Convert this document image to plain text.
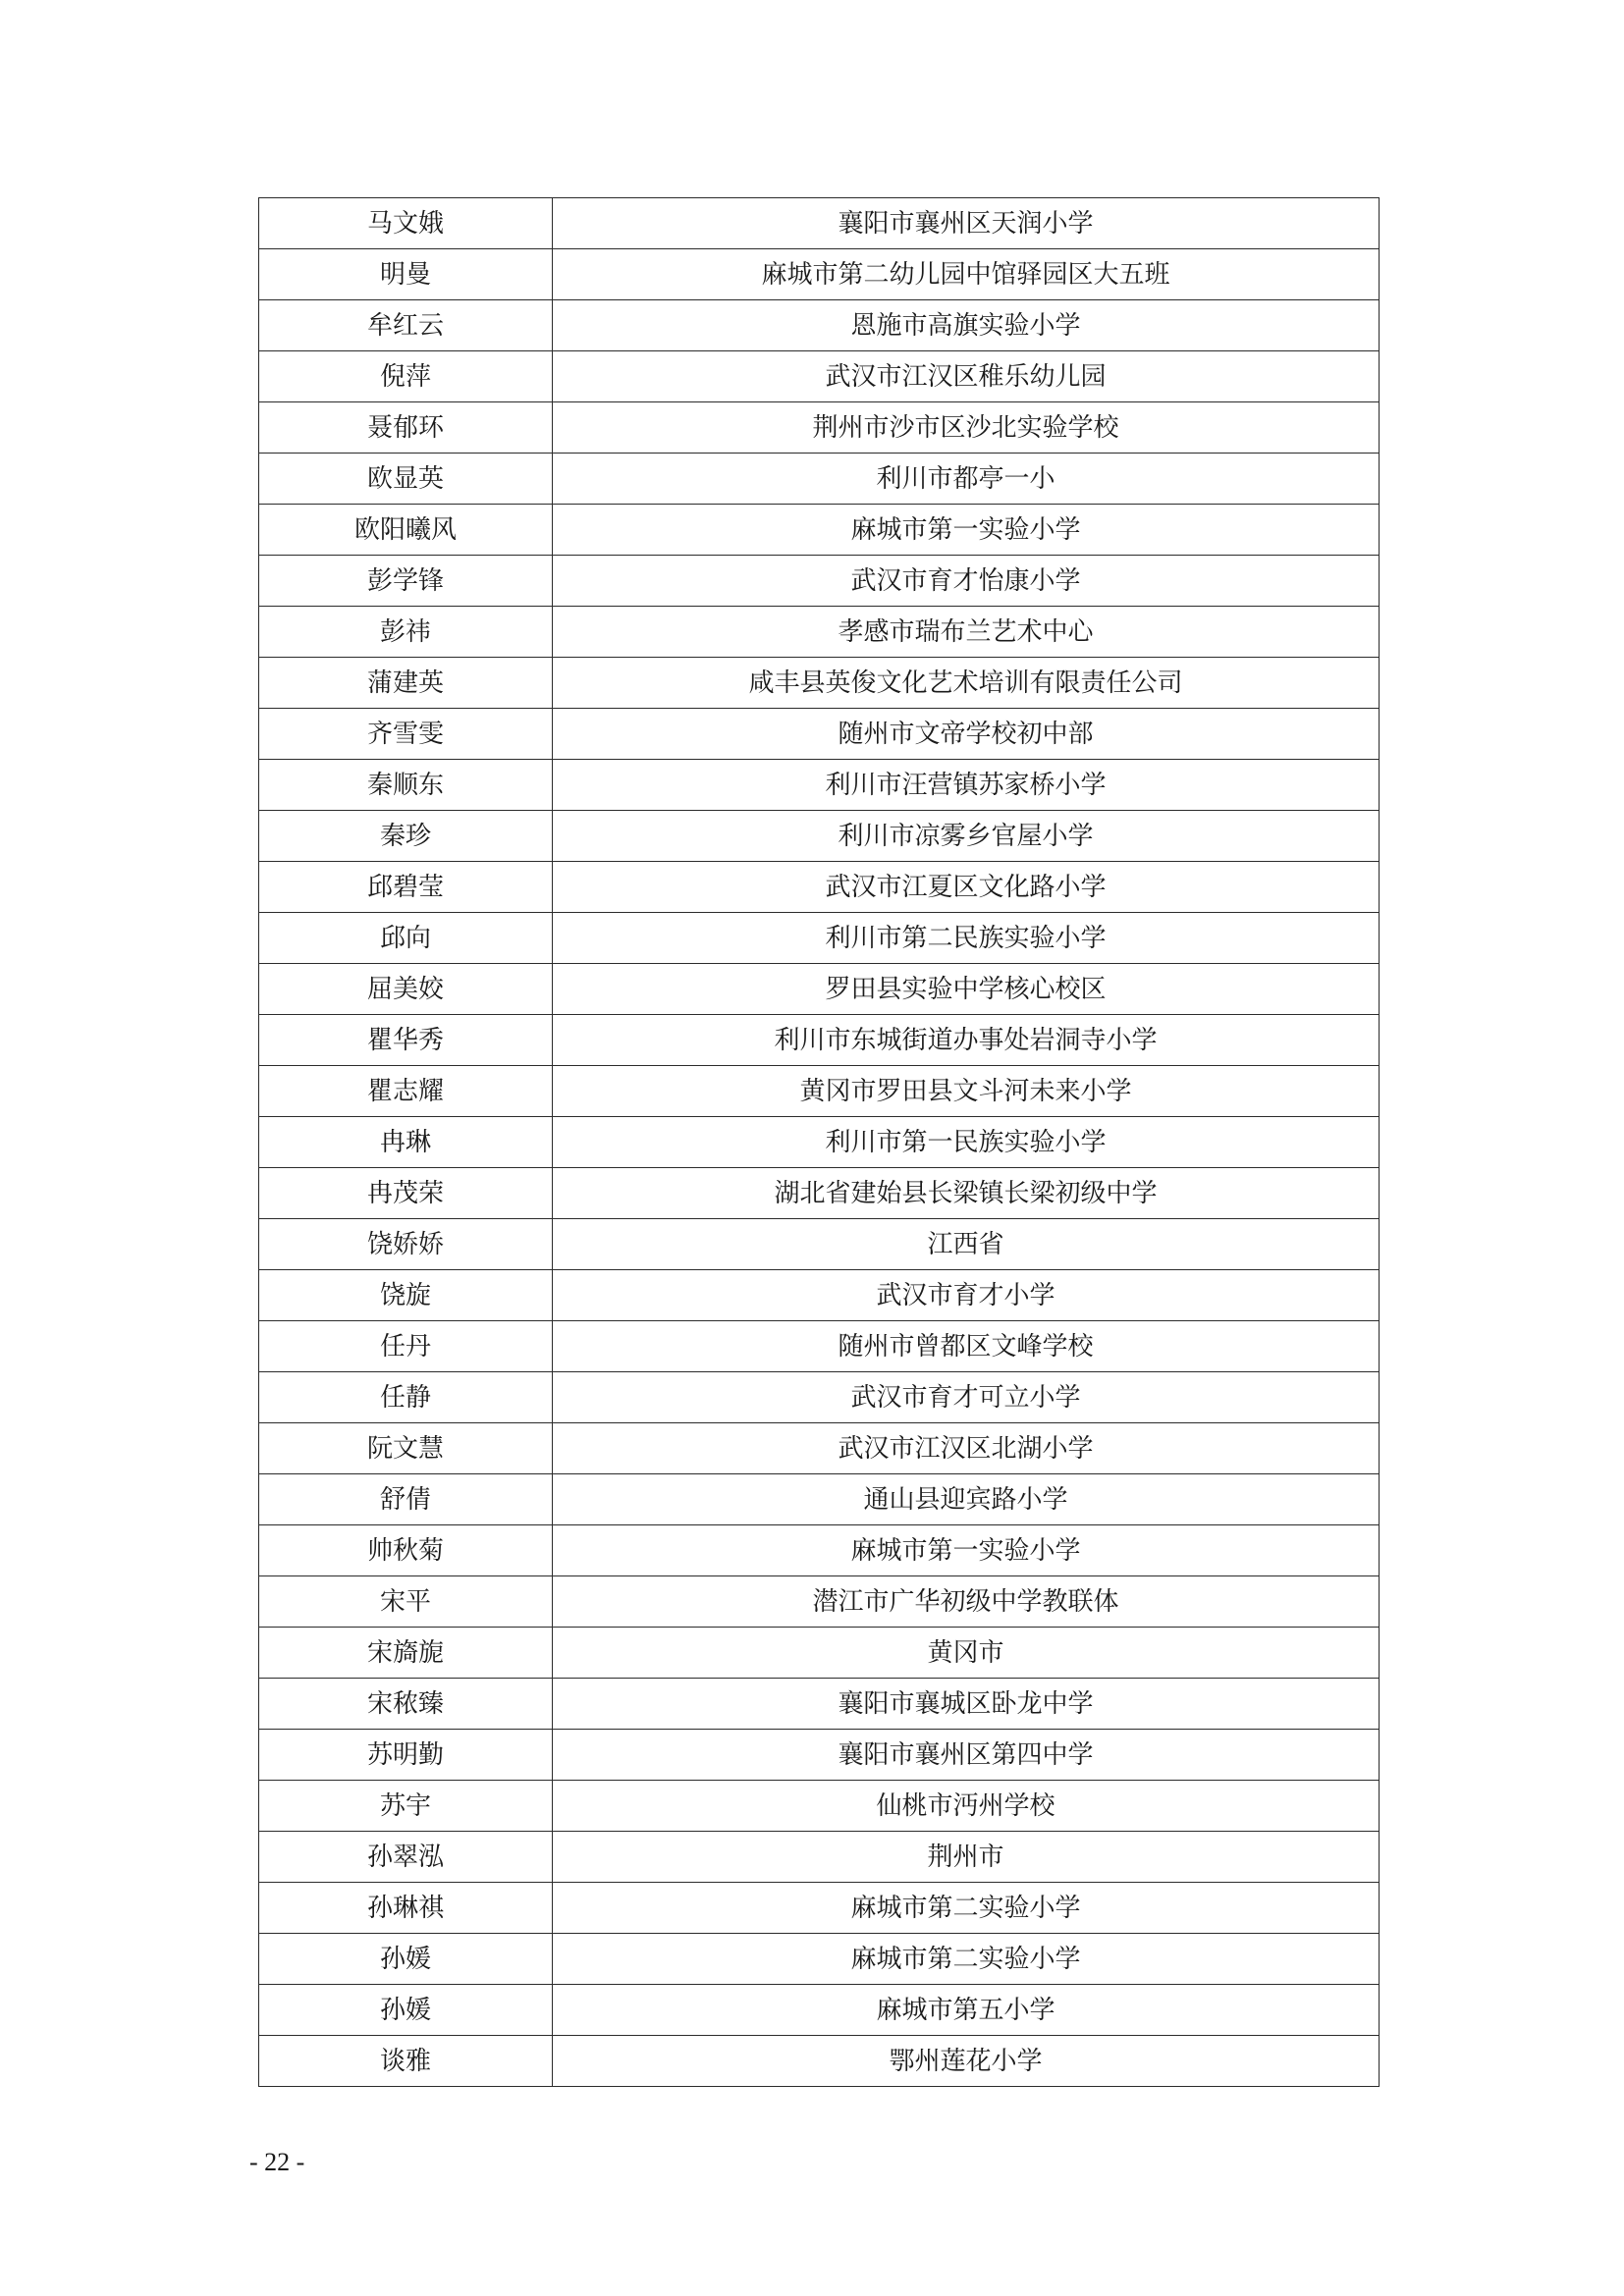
马文娥	襄阳市襄州区天润小学
明曼	麻城市第二幼儿园中馆驿园区大五班
牟红云	恩施市高旗实验小学
倪萍	武汉市江汉区稚乐幼儿园
聂郁环	荆州市沙市区沙北实验学校
欧显英	利川市都亭一小
欧阳曦风	麻城市第一实验小学
彭学锋	武汉市育才怡康小学
彭祎	孝感市瑞布兰艺术中心
蒲建英	咸丰县英俊文化艺术培训有限责任公司
齐雪雯	随州市文帝学校初中部
秦顺东	利川市汪营镇苏家桥小学
秦珍	利川市凉雾乡官屋小学
邱碧莹	武汉市江夏区文化路小学
邱向	利川市第二民族实验小学
屈美姣	罗田县实验中学核心校区
瞿华秀	利川市东城街道办事处岩洞寺小学
瞿志耀	黄冈市罗田县文斗河未来小学
冉琳	利川市第一民族实验小学
冉茂荣	湖北省建始县长梁镇长梁初级中学
饶娇娇	江西省
饶旋	武汉市育才小学
任丹	随州市曾都区文峰学校
任静	武汉市育才可立小学
阮文慧	武汉市江汉区北湖小学
舒倩	通山县迎宾路小学
帅秋菊	麻城市第一实验小学
宋平	潜江市广华初级中学教联体
宋旖旎	黄冈市
宋秾臻	襄阳市襄城区卧龙中学
苏明勤	襄阳市襄州区第四中学
苏宇	仙桃市沔州学校
孙翠泓	荆州市
孙琳祺	麻城市第二实验小学
孙媛	麻城市第二实验小学
孙媛	麻城市第五小学
谈雅	鄂州莲花小学
- 22 -
